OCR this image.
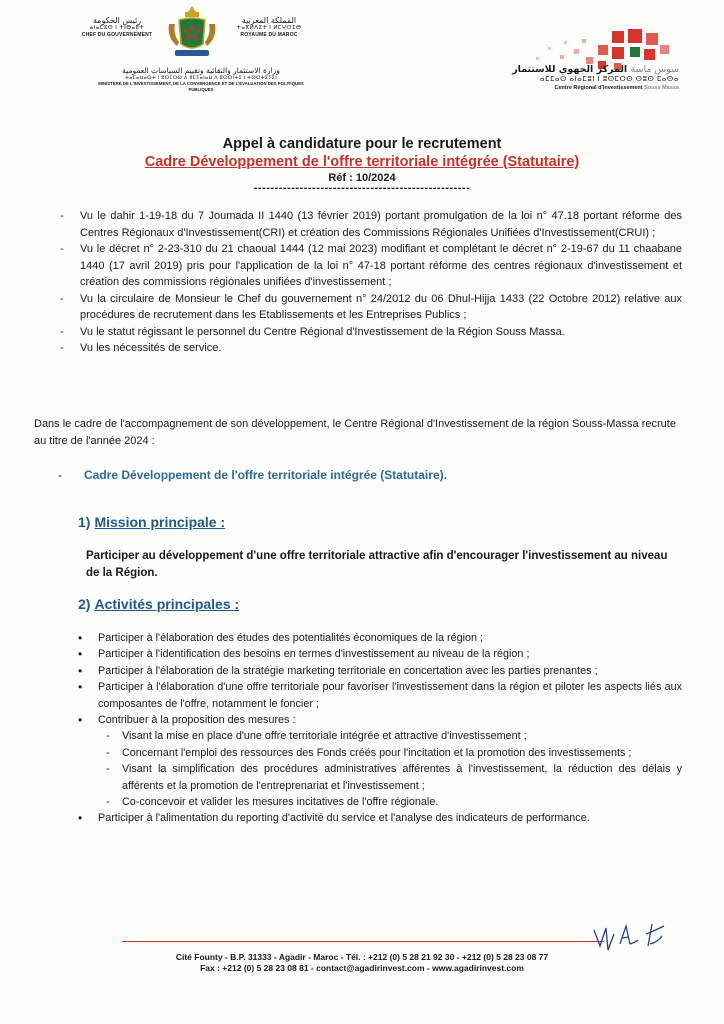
رئيس الحكومة
ⴰⵏⴰⵎⵓⵙ ⵏ ⵜⵏⴱⴰⴹⵜ
CHEF DU GOUVERNEMENT
المملكة المغربية
ⵜⴰⴳⵍⴷⵉⵜ ⵏ ⵍⵎⵖⵔⵉⴱ
ROYAUME DU MAROC
وزارة الاستثمار والتقائية وتقييم السياسات العمومية
ⵜⴰⵎⴰⵡⴰⵙⵜ ⵏ ⵓⵙⵎⵔⵙ ⴷ ⵓⵎⵢⴰⵏⴰⵡ ⴷ ⵓⵙⵙⵏⵜⵉ ⵏ ⵜⵙⵔⵜⵉⵢⵉⵏ
MINISTÈRE DE L'INVESTISSEMENT, DE LA CONVERGENCE ET DE L'ÉVALUATION DES POLITIQUES PUBLIQUES
سوس ماسة المركز الجهوي للاستثمار
ⴰⵎⵎⴰⵙ ⴰⵏⴰⵎⵓⵏ ⵏ ⵓⵙⵎⵔⵙ ⵙⵓⵙ ⵎⴰⵙⴰ
Centre Régional d'Investissement Souss Massa
Appel à candidature pour le recrutement
Cadre Développement de l'offre territoriale intégrée (Statutaire)
Réf : 10/2024
----------------------------------------------------
- Vu le dahir 1-19-18 du 7 Joumada II 1440 (13 février 2019) portant promulgation de la loi n° 47.18 portant réforme des Centres Régionaux d'Investissement(CRI) et création des Commissions Régionales Unifiées d'Investissement(CRUI) ;
- Vu le décret n° 2-23-310 du 21 chaoual 1444 (12 mai 2023) modifiant et complétant le décret n° 2-19-67 du 11 chaabane 1440 (17 avril 2019) pris pour l'application de la loi n° 47-18 portant réforme des centres régionaux d'investissement et création des commissions régionales unifiées d'investissement ;
- Vu la circulaire de Monsieur le Chef du gouvernement n° 24/2012 du 06 Dhul-Hijja 1433 (22 Octobre 2012) relative aux procédures de recrutement dans les Etablissements et les Entreprises Publics ;
- Vu le statut régissant le personnel du Centre Régional d'Investissement de la Région Souss Massa.
- Vu les nécessités de service.
Dans le cadre de l'accompagnement de son développement, le Centre Régional d'Investissement de la région Souss-Massa recrute au titre de l'année 2024 :
- Cadre Développement de l'offre territoriale intégrée (Statutaire).
1) Mission principale :
Participer au développement d'une offre territoriale attractive afin d'encourager l'investissement au niveau de la Région.
2) Activités principales :
• Participer à l'élaboration des études des potentialités économiques de la région ;
• Participer à l'identification des besoins en termes d'investissement au niveau de la région ;
• Participer à l'élaboration de la stratégie marketing territoriale en concertation avec les parties prenantes ;
• Participer à l'élaboration d'une offre territoriale pour favoriser l'investissement dans la région et piloter les aspects liés aux composantes de l'offre, notamment le foncier ;
• Contribuer à la proposition des mesures :
- Visant la mise en place d'une offre territoriale intégrée et attractive d'investissement ;
- Concernant l'emploi des ressources des Fonds créés pour l'incitation et la promotion des investissements ;
- Visant la simplification des procédures administratives afférentes à l'investissement, la réduction des délais y afférents et la promotion de l'entreprenariat et l'investissement ;
- Co-concevoir et valider les mesures incitatives de l'offre régionale.
• Participer à l'alimentation du reporting d'activité du service et l'analyse des indicateurs de performance.
Cité Founty - B.P. 31333 - Agadir - Maroc - Tél. : +212 (0) 5 28 21 92 30 - +212 (0) 5 28 23 08 77
Fax : +212 (0) 5 28 23 08 81 - contact@agadirinvest.com - www.agadirinvest.com
